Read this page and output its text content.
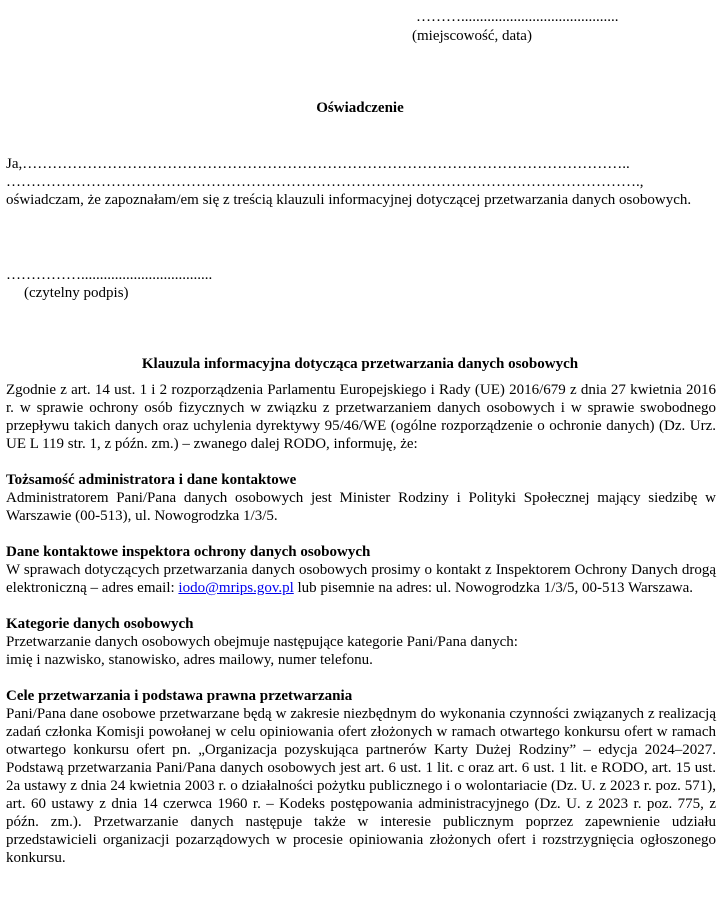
………..........................................
(miejscowość, data)
Oświadczenie
Ja,…………………………………………………………………………………………………………..
……………………………………………………………………………………………………………….,

oświadczam, że zapoznałam/em się z treścią klauzuli informacyjnej dotyczącej przetwarzania danych osobowych.

……………...................................
(czytelny podpis)
Klauzula informacyjna dotycząca przetwarzania danych osobowych

Zgodnie z art. 14 ust. 1 i 2 rozporządzenia Parlamentu Europejskiego i Rady (UE) 2016/679 z dnia 27 kwietnia 2016 r. w sprawie ochrony osób fizycznych w związku z przetwarzaniem danych osobowych i w sprawie swobodnego przepływu takich danych oraz uchylenia dyrektywy 95/46/WE (ogólne rozporządzenie o ochronie danych) (Dz. Urz. UE L 119 str. 1, z późn. zm.) – zwanego dalej RODO, informuję, że:

Tożsamość administratora i dane kontaktowe

Administratorem Pani/Pana danych osobowych jest Minister Rodziny i Polityki Społecznej mający siedzibę w Warszawie (00-513), ul. Nowogrodzka 1/3/5.

Dane kontaktowe inspektora ochrony danych osobowych

W sprawach dotyczących przetwarzania danych osobowych prosimy o kontakt z Inspektorem Ochrony Danych drogą elektroniczną – adres email: iodo@mrips.gov.pl lub pisemnie na adres: ul. Nowogrodzka 1/3/5, 00-513 Warszawa.

Kategorie danych osobowych

Przetwarzanie danych osobowych obejmuje następujące kategorie Pani/Pana danych:

imię i nazwisko, stanowisko, adres mailowy, numer telefonu.

Cele przetwarzania i podstawa prawna przetwarzania

Pani/Pana dane osobowe przetwarzane będą w zakresie niezbędnym do wykonania czynności związanych z realizacją zadań członka Komisji powołanej w celu opiniowania ofert złożonych w ramach otwartego konkursu ofert w ramach otwartego konkursu ofert pn. „Organizacja pozyskująca partnerów Karty Dużej Rodziny” – edycja 2024–2027. Podstawą przetwarzania Pani/Pana danych osobowych jest art. 6 ust. 1 lit. c oraz art. 6 ust. 1 lit. e RODO, art. 15 ust. 2a ustawy z dnia 24 kwietnia 2003 r. o działalności pożytku publicznego i o wolontariacie (Dz. U. z 2023 r. poz. 571), art. 60 ustawy z dnia 14 czerwca 1960 r. – Kodeks postępowania administracyjnego (Dz. U. z 2023 r. poz. 775, z późn. zm.). Przetwarzanie danych następuje także w interesie publicznym poprzez zapewnienie udziału przedstawicieli organizacji pozarządowych w procesie opiniowania złożonych ofert i rozstrzygnięcia ogłoszonego konkursu.
